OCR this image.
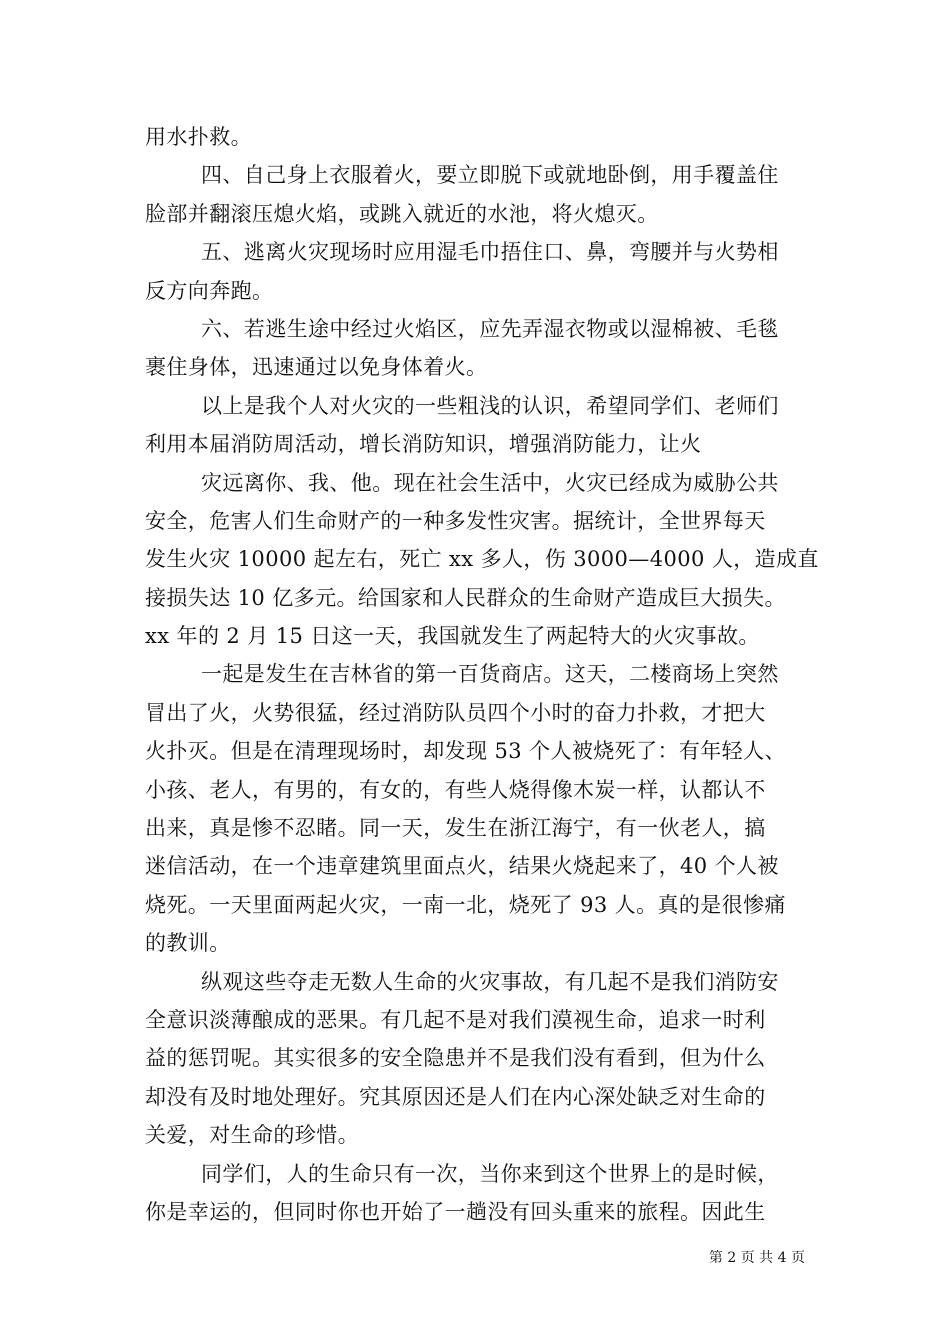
用水扑救。

四、自己身上衣服着火，要立即脱下或就地卧倒，用手覆盖住
脸部并翻滚压熄火焰，或跳入就近的水池，将火熄灭。

五、逃离火灾现场时应用湿毛巾捂住口、鼻，弯腰并与火势相
反方向奔跑。

六、若逃生途中经过火焰区，应先弄湿衣物或以湿棉被、毛毯
裹住身体，迅速通过以免身体着火。

以上是我个人对火灾的一些粗浅的认识，希望同学们、老师们
利用本届消防周活动，增长消防知识，增强消防能力，让火

灾远离你、我、他。现在社会生活中，火灾已经成为威胁公共
安全，危害人们生命财产的一种多发性灾害。据统计，全世界每天
发生火灾 10000 起左右，死亡 xx 多人，伤 3000—4000 人，造成直
接损失达 10 亿多元。给国家和人民群众的生命财产造成巨大损失。
xx 年的 2 月 15 日这一天，我国就发生了两起特大的火灾事故。

一起是发生在吉林省的第一百货商店。这天，二楼商场上突然
冒出了火，火势很猛，经过消防队员四个小时的奋力扑救，才把大
火扑灭。但是在清理现场时，却发现 53 个人被烧死了：有年轻人、
小孩、老人，有男的，有女的，有些人烧得像木炭一样，认都认不
出来，真是惨不忍睹。同一天，发生在浙江海宁，有一伙老人，搞
迷信活动，在一个违章建筑里面点火，结果火烧起来了，40 个人被
烧死。一天里面两起火灾，一南一北，烧死了 93 人。真的是很惨痛
的教训。

纵观这些夺走无数人生命的火灾事故，有几起不是我们消防安
全意识淡薄酿成的恶果。有几起不是对我们漠视生命，追求一时利
益的惩罚呢。其实很多的安全隐患并不是我们没有看到，但为什么
却没有及时地处理好。究其原因还是人们在内心深处缺乏对生命的
关爱，对生命的珍惜。

同学们，人的生命只有一次，当你来到这个世界上的是时候，
你是幸运的，但同时你也开始了一趟没有回头重来的旅程。因此生

第 2 页 共 4 页
